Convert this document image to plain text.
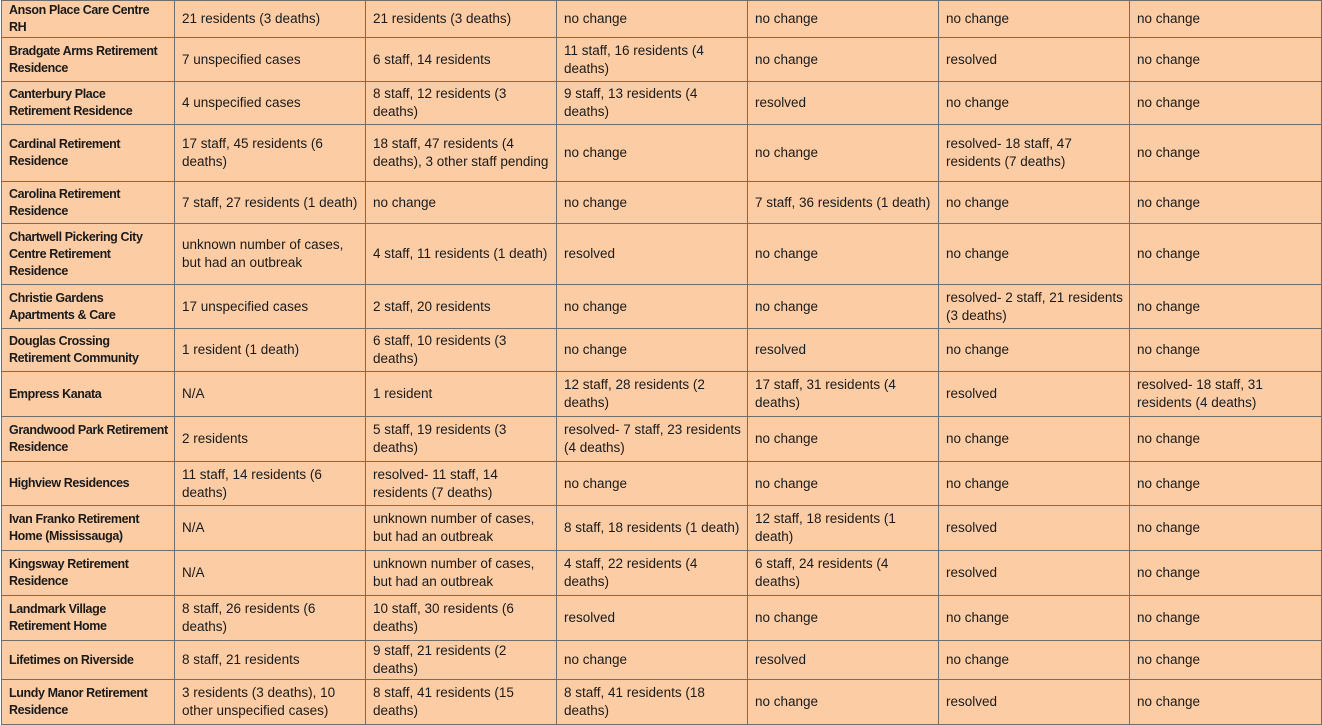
Anson Place Care Centre RH	21 residents (3 deaths)	21 residents (3 deaths)	no change	no change	no change	no change
Bradgate Arms Retirement Residence	7 unspecified cases	6 staff, 14 residents	11 staff, 16 residents (4 deaths)	no change	resolved	no change
Canterbury Place Retirement Residence	4 unspecified cases	8 staff, 12 residents (3 deaths)	9 staff, 13 residents (4 deaths)	resolved	no change	no change
Cardinal Retirement Residence	17 staff, 45 residents (6 deaths)	18 staff, 47 residents (4 deaths), 3 other staff pending	no change	no change	resolved- 18 staff, 47 residents (7 deaths)	no change
Carolina Retirement Residence	7 staff, 27 residents (1 death)	no change	no change	7 staff, 36 residents (1 death)	no change	no change
Chartwell Pickering City Centre Retirement Residence	unknown number of cases, but had an outbreak	4 staff, 11 residents (1 death)	resolved	no change	no change	no change
Christie Gardens Apartments & Care	17 unspecified cases	2 staff, 20 residents	no change	no change	resolved- 2 staff, 21 residents (3 deaths)	no change
Douglas Crossing Retirement Community	1 resident (1 death)	6 staff, 10 residents (3 deaths)	no change	resolved	no change	no change
Empress Kanata	N/A	1 resident	12 staff, 28 residents (2 deaths)	17 staff, 31 residents (4 deaths)	resolved	resolved- 18 staff, 31 residents (4 deaths)
Grandwood Park Retirement Residence	2 residents	5 staff, 19 residents (3 deaths)	resolved- 7 staff, 23 residents (4 deaths)	no change	no change	no change
Highview Residences	11 staff, 14 residents (6 deaths)	resolved- 11 staff, 14 residents (7 deaths)	no change	no change	no change	no change
Ivan Franko Retirement Home (Mississauga)	N/A	unknown number of cases, but had an outbreak	8 staff, 18 residents (1 death)	12 staff, 18 residents (1 death)	resolved	no change
Kingsway Retirement Residence	N/A	unknown number of cases, but had an outbreak	4 staff, 22 residents (4 deaths)	6 staff, 24 residents (4 deaths)	resolved	no change
Landmark Village Retirement Home	8 staff, 26 residents (6 deaths)	10 staff, 30 residents (6 deaths)	resolved	no change	no change	no change
Lifetimes on Riverside	8 staff, 21 residents	9 staff, 21 residents (2 deaths)	no change	resolved	no change	no change
Lundy Manor Retirement Residence	3 residents (3 deaths), 10 other unspecified cases)	8 staff, 41 residents (15 deaths)	8 staff, 41 residents (18 deaths)	no change	resolved	no change
